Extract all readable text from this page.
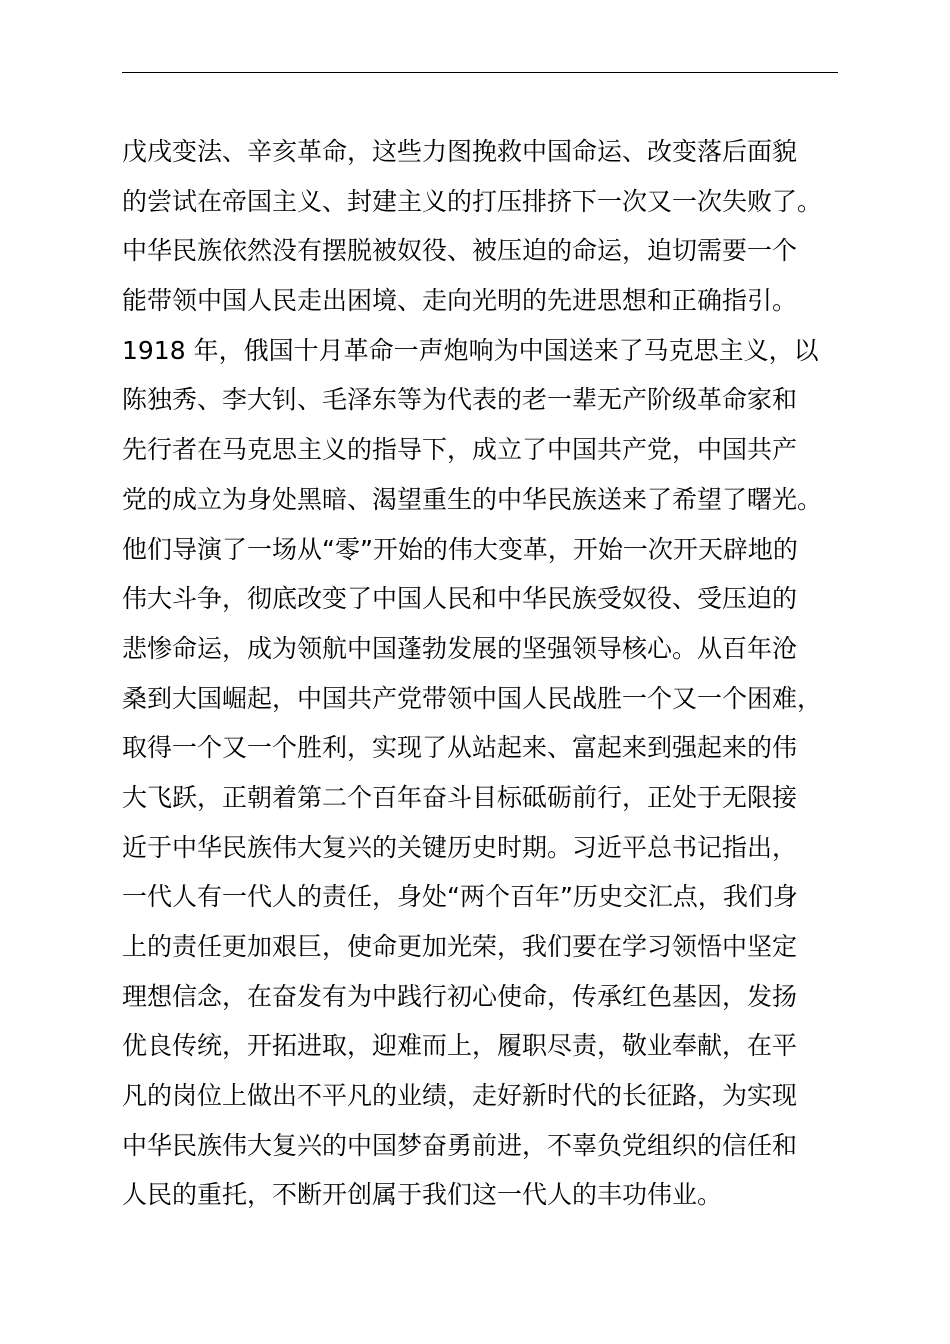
戊戌变法、辛亥革命，这些力图挽救中国命运、改变落后面貌
的尝试在帝国主义、封建主义的打压排挤下一次又一次失败了。
中华民族依然没有摆脱被奴役、被压迫的命运，迫切需要一个
能带领中国人民走出困境、走向光明的先进思想和正确指引。
1918 年，俄国十月革命一声炮响为中国送来了马克思主义，以
陈独秀、李大钊、毛泽东等为代表的老一辈无产阶级革命家和
先行者在马克思主义的指导下，成立了中国共产党，中国共产
党的成立为身处黑暗、渴望重生的中华民族送来了希望了曙光。
他们导演了一场从“零”开始的伟大变革，开始一次开天辟地的
伟大斗争，彻底改变了中国人民和中华民族受奴役、受压迫的
悲惨命运，成为领航中国蓬勃发展的坚强领导核心。从百年沧
桑到大国崛起，中国共产党带领中国人民战胜一个又一个困难，
取得一个又一个胜利，实现了从站起来、富起来到强起来的伟
大飞跃，正朝着第二个百年奋斗目标砥砺前行，正处于无限接
近于中华民族伟大复兴的关键历史时期。习近平总书记指出，
一代人有一代人的责任，身处“两个百年”历史交汇点，我们身
上的责任更加艰巨，使命更加光荣，我们要在学习领悟中坚定
理想信念，在奋发有为中践行初心使命，传承红色基因，发扬
优良传统，开拓进取，迎难而上，履职尽责，敬业奉献，在平
凡的岗位上做出不平凡的业绩，走好新时代的长征路，为实现
中华民族伟大复兴的中国梦奋勇前进，不辜负党组织的信任和
人民的重托，不断开创属于我们这一代人的丰功伟业。
